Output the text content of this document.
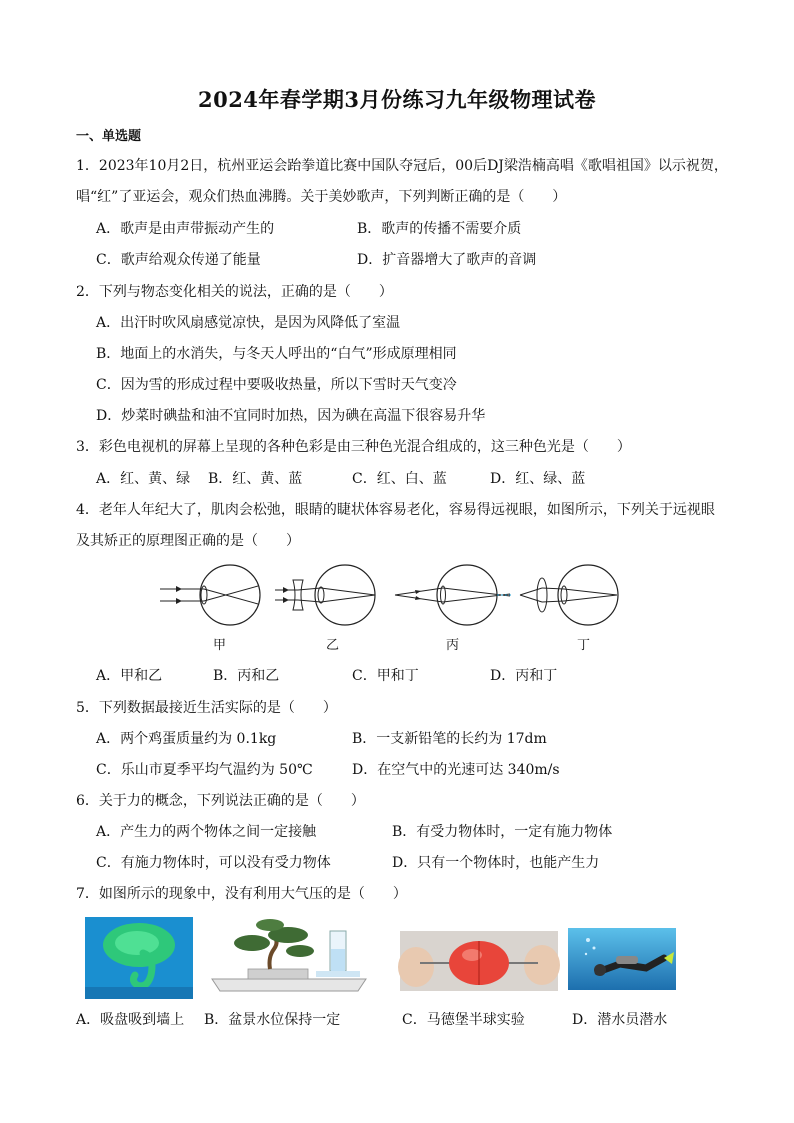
2024年春学期3月份练习九年级物理试卷
一、单选题
1．2023年10月2日，杭州亚运会跆拳道比赛中国队夺冠后，00后DJ梁浩楠高唱《歌唱祖国》以示祝贺，
唱“红”了亚运会，观众们热血沸腾。关于美妙歌声，下列判断正确的是（　　）
A．歌声是由声带振动产生的	B．歌声的传播不需要介质
C．歌声给观众传递了能量	D．扩音器增大了歌声的音调
2．下列与物态变化相关的说法，正确的是（　　）
A．出汗时吹风扇感觉凉快，是因为风降低了室温
B．地面上的水消失，与冬天人呼出的“白气”形成原理相同
C．因为雪的形成过程中要吸收热量，所以下雪时天气变冷
D．炒菜时碘盐和油不宜同时加热，因为碘在高温下很容易升华
3．彩色电视机的屏幕上呈现的各种色彩是由三种色光混合组成的，这三种色光是（　　）
A．红、黄、绿 B．红、黄、蓝	C．红、白、蓝	D．红、绿、蓝
4．老年人年纪大了，肌肉会松弛，眼睛的睫状体容易老化，容易得远视眼，如图所示，下列关于远视眼
及其矫正的原理图正确的是（　　）
甲	乙	丙	丁
A．甲和乙	B．丙和乙	C．甲和丁	D．丙和丁
5．下列数据最接近生活实际的是（　　）
A．两个鸡蛋质量约为 0.1kg	B．一支新铅笔的长约为 17dm
C．乐山市夏季平均气温约为 50℃	D．在空气中的光速可达 340m/s
6．关于力的概念，下列说法正确的是（　　）
A．产生力的两个物体之间一定接触	B．有受力物体时，一定有施力物体
C．有施力物体时，可以没有受力物体	D．只有一个物体时，也能产生力
7．如图所示的现象中，没有利用大气压的是（　　）
A．吸盘吸到墙上 B．盆景水位保持一定	C．马德堡半球实验	D．潜水员潜水
